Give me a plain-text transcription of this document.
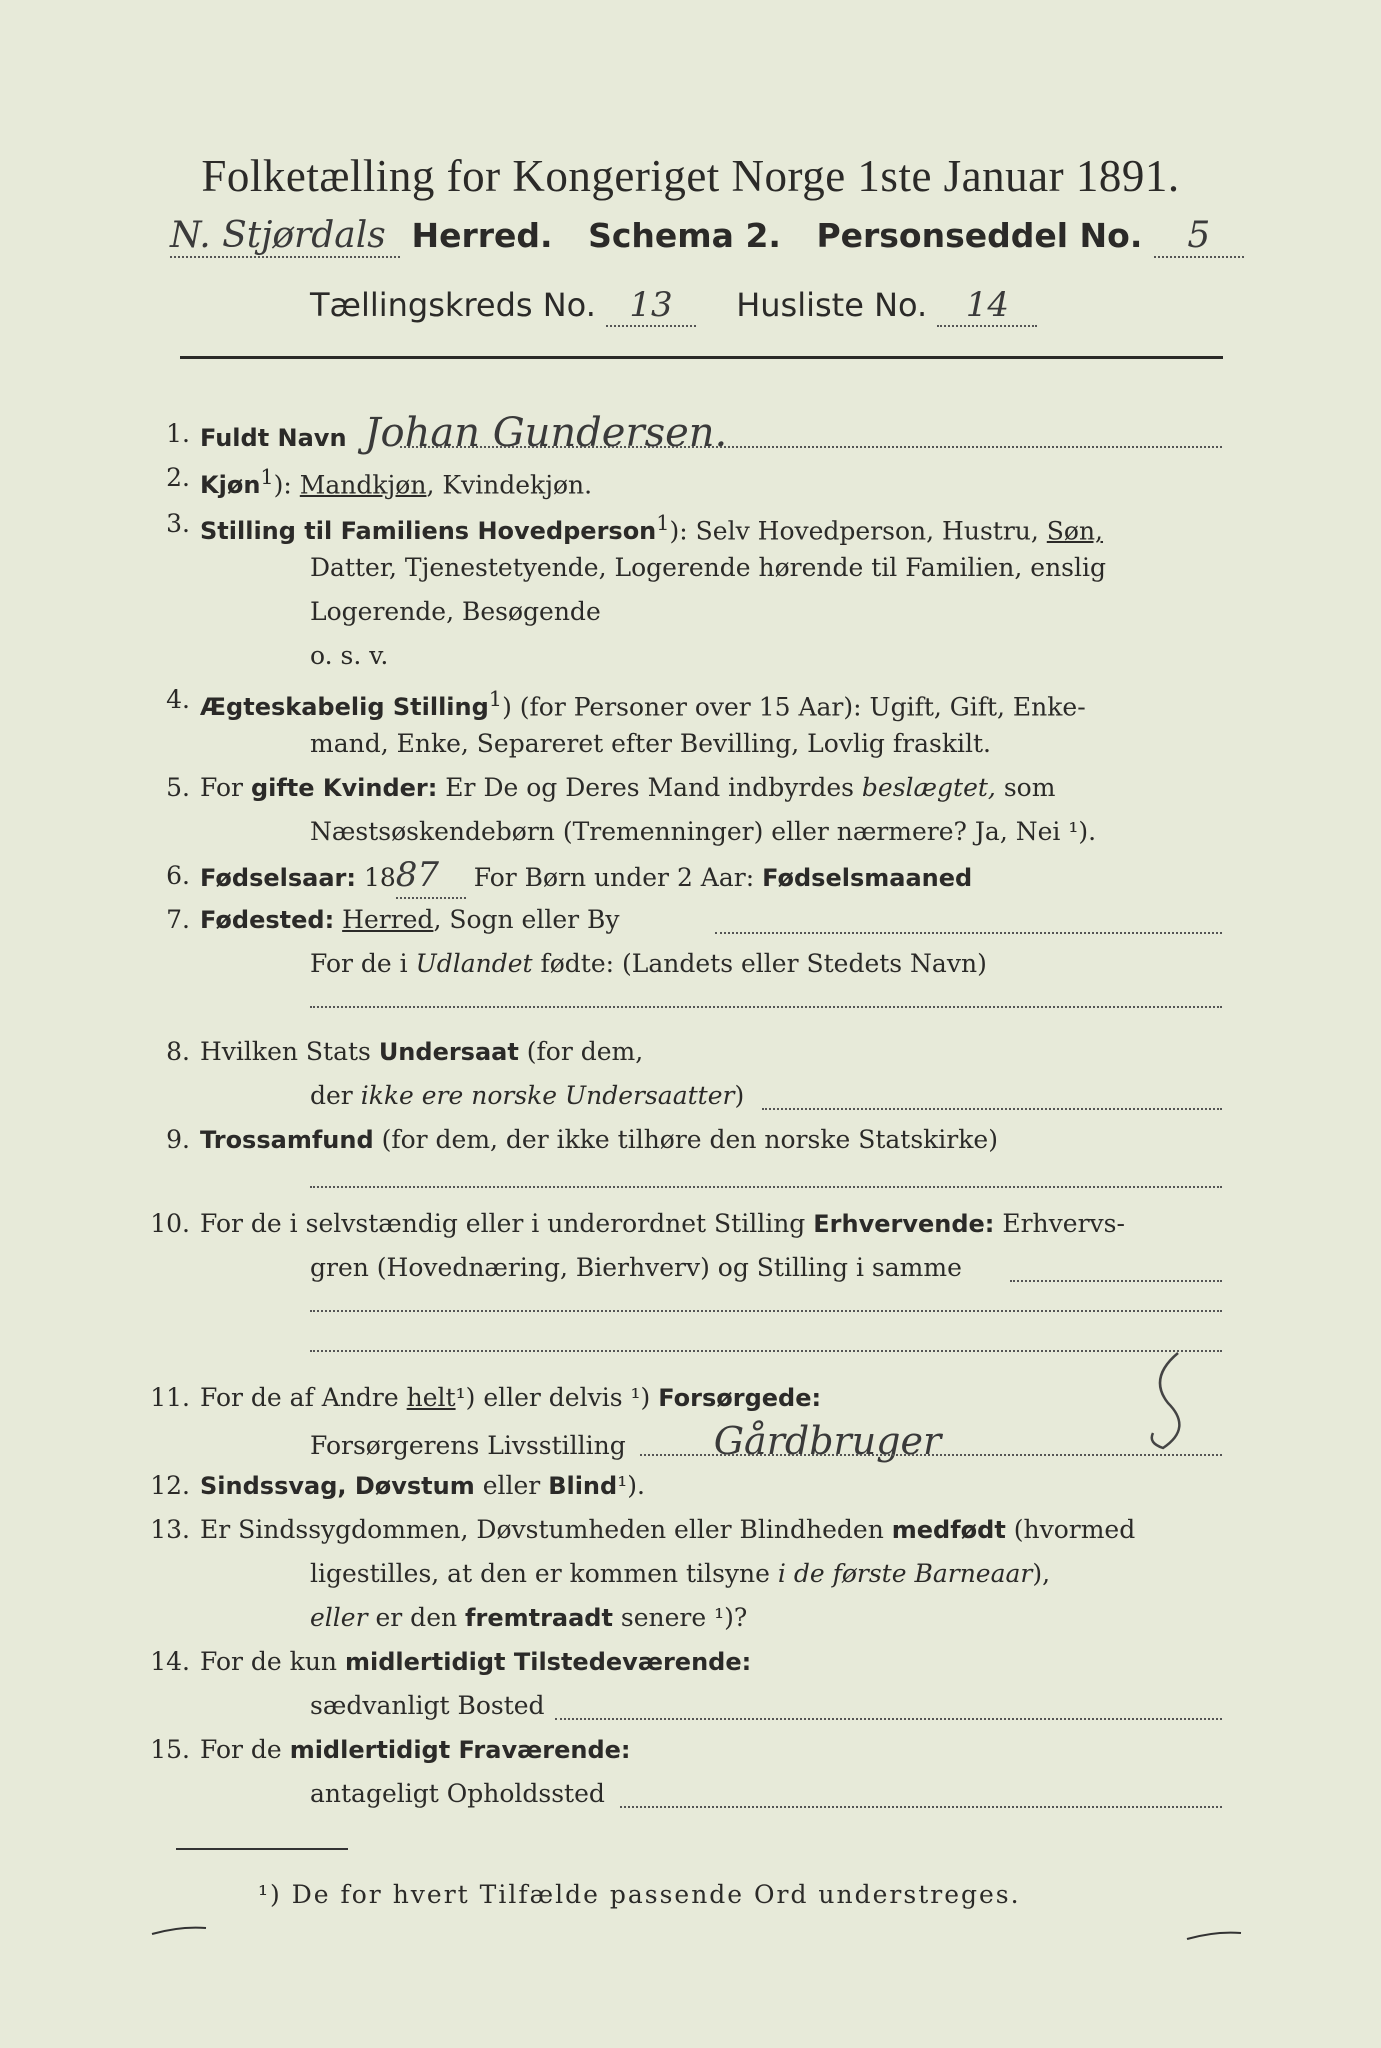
Folketælling for Kongeriget Norge 1ste Januar 1891.
N. Stjørdals Herred. Schema 2. Personseddel No. 5
Tællingskreds No. 13 Husliste No. 14
1. Fuldt Navn Johan Gundersen.
2. Kjøn$^1$): Mandkjøn, Kvindekjøn.
3. Stilling til Familiens Hovedperson$^1$): Selv Hovedperson, Hustru, Søn,
Datter, Tjenestetyende, Logerende hørende til Familien, enslig
Logerende, Besøgende
o. s. v.
4. Ægteskabelig Stilling$^1$) (for Personer over 15 Aar): Ugift, Gift, Enke-
mand, Enke, Separeret efter Bevilling, Lovlig fraskilt.
5. For gifte Kvinder: Er De og Deres Mand indbyrdes beslægtet, som
Næstsøskendebørn (Tremenninger) eller nærmere? Ja, Nei ¹).
6. Fødselsaar: 1887 For Børn under 2 Aar: Fødselsmaaned
7. Fødested: Herred, Sogn eller By
For de i Udlandet fødte: (Landets eller Stedets Navn)
8. Hvilken Stats Undersaat (for dem,
der ikke ere norske Undersaatter)
9. Trossamfund (for dem, der ikke tilhøre den norske Statskirke)
10. For de i selvstændig eller i underordnet Stilling Erhvervende: Erhvervs-
gren (Hovednæring, Bierhverv) og Stilling i samme
11. For de af Andre helt¹) eller delvis ¹) Forsørgede:
Forsørgerens Livsstilling Gårdbruger
12. Sindssvag, Døvstum eller Blind¹).
13. Er Sindssygdommen, Døvstumheden eller Blindheden medfødt (hvormed
ligestilles, at den er kommen tilsyne i de første Barneaar),
eller er den fremtraadt senere ¹)?
14. For de kun midlertidigt Tilstedeværende:
sædvanligt Bosted
15. For de midlertidigt Fraværende:
antageligt Opholdssted
¹) De for hvert Tilfælde passende Ord understreges.
